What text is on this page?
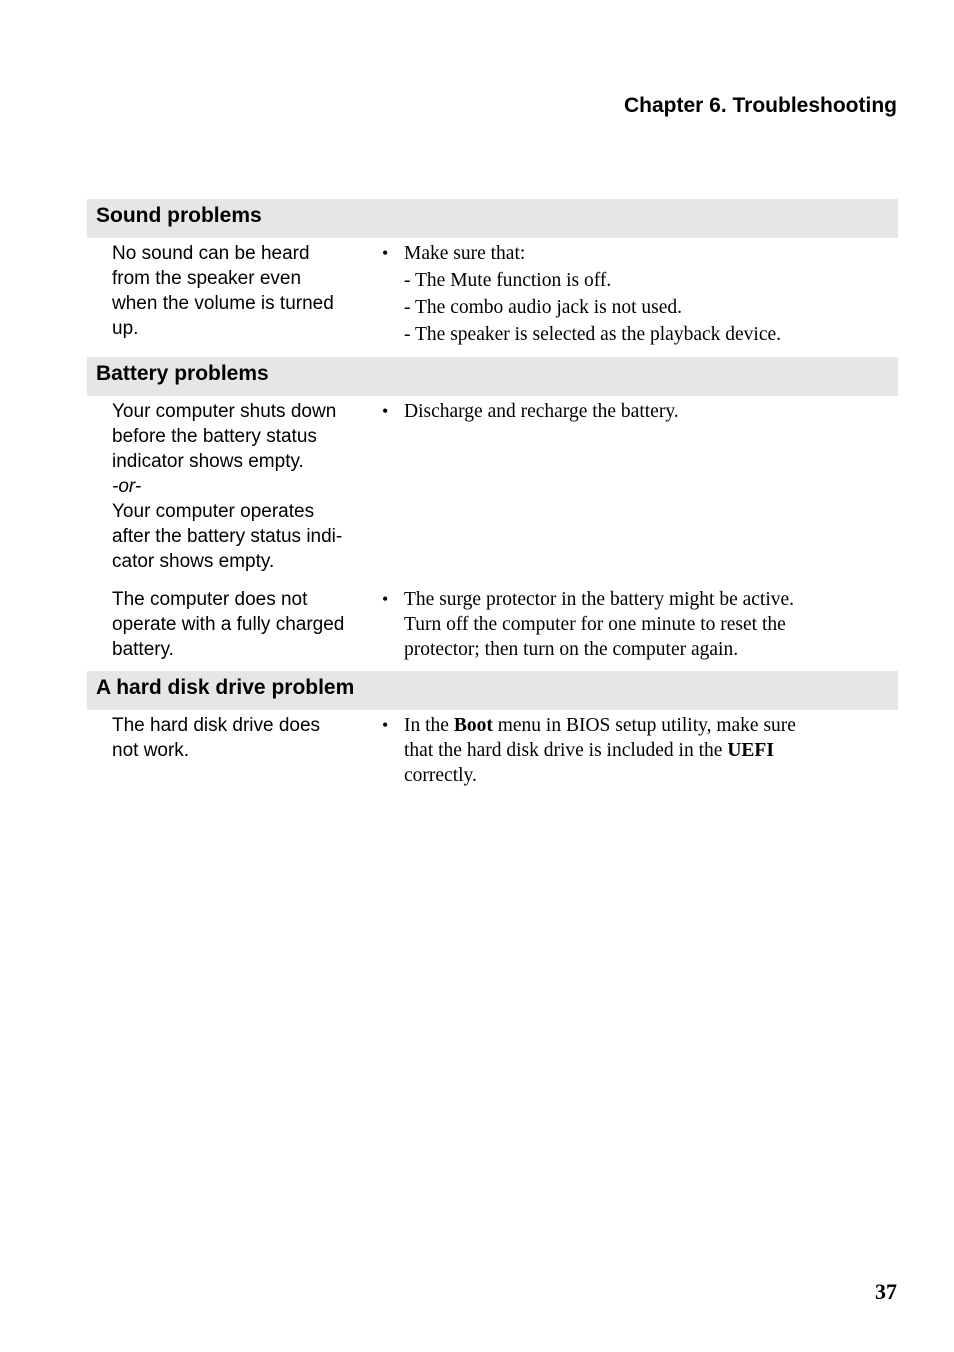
Chapter 6. Troubleshooting
Sound problems
No sound can be heard
from the speaker even
when the volume is turned
up.
• Make sure that:
- The Mute function is off.
- The combo audio jack is not used.
- The speaker is selected as the playback device.
Battery problems
Your computer shuts down
before the battery status
indicator shows empty.
-or-
Your computer operates
after the battery status indi-
cator shows empty.
• Discharge and recharge the battery.
The computer does not
operate with a fully charged
battery.
• The surge protector in the battery might be active.
Turn off the computer for one minute to reset the
protector; then turn on the computer again.
A hard disk drive problem
The hard disk drive does
not work.
• In the Boot menu in BIOS setup utility, make sure
that the hard disk drive is included in the UEFI
correctly.
37
